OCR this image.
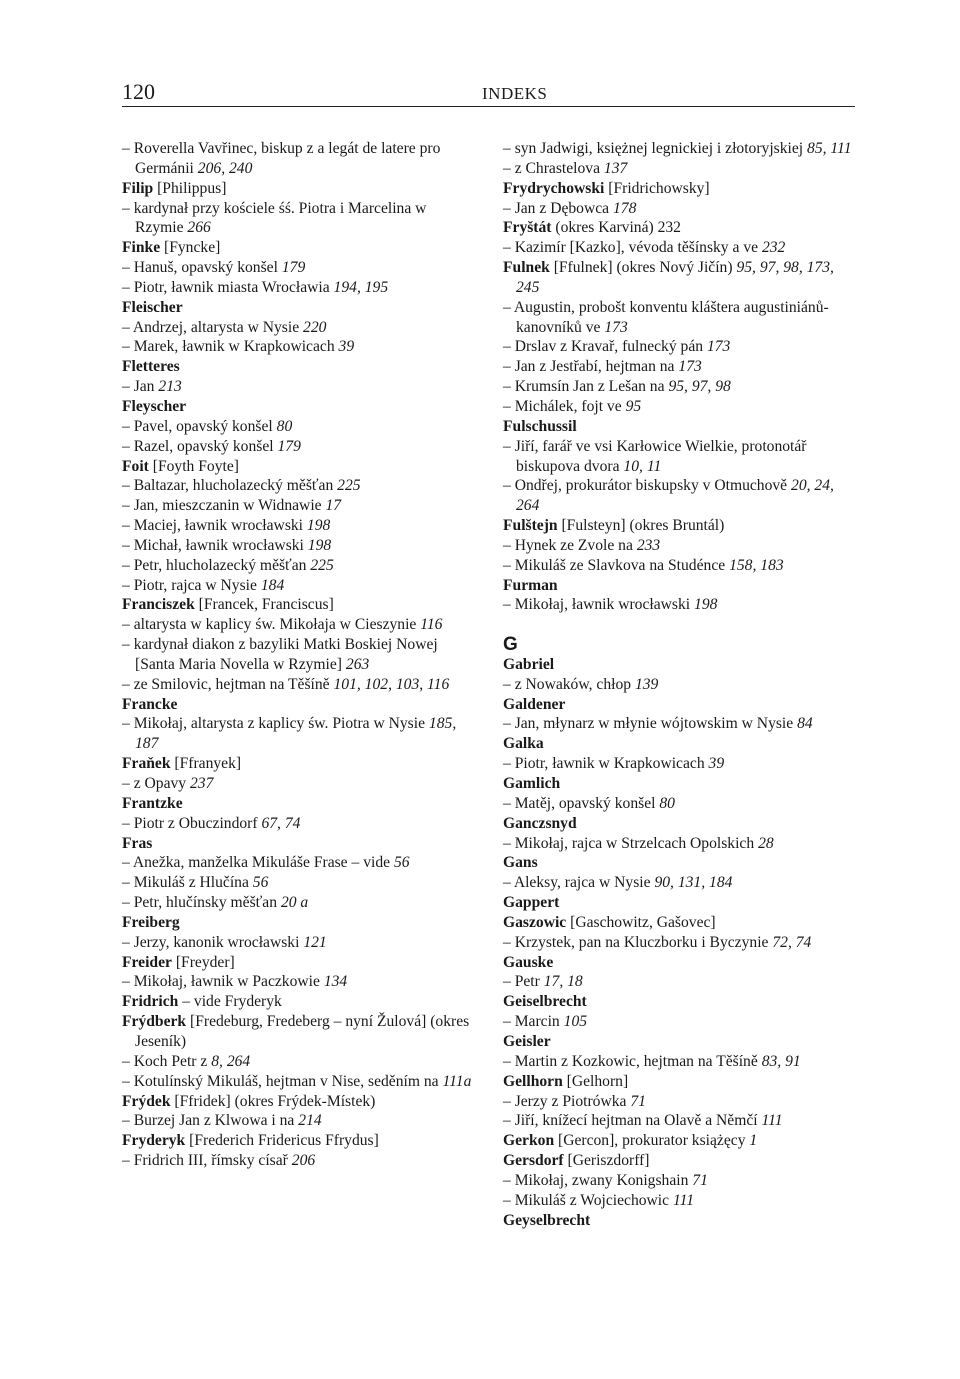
120	INDEKS
– Roverella Vavřinec, biskup z a legát de latere pro Germánii 206, 240
Filip [Philippus]
– kardynał przy kościele śś. Piotra i Marcelina w Rzymie 266
Finke [Fyncke]
– Hanuš, opavský konšel 179
– Piotr, ławnik miasta Wrocławia 194, 195
Fleischer
– Andrzej, altarysta w Nysie 220
– Marek, ławnik w Krapkowicach 39
Fletteres
– Jan 213
Fleyscher
– Pavel, opavský konšel 80
– Razel, opavský konšel 179
Foit [Foyth Foyte]
– Baltazar, hlucholazecký měšťan 225
– Jan, mieszczanin w Widnawie 17
– Maciej, ławnik wrocławski 198
– Michał, ławnik wrocławski 198
– Petr, hlucholazecký měšťan 225
– Piotr, rajca w Nysie 184
Franciszek [Francek, Franciscus]
– altarysta w kaplicy św. Mikołaja w Cieszynie 116
– kardynał diakon z bazyliki Matki Boskiej Nowej [Santa Maria Novella w Rzymie] 263
– ze Smilovic, hejtman na Těšíně 101, 102, 103, 116
Francke
– Mikołaj, altarysta z kaplicy św. Piotra w Nysie 185, 187
Fraňek [Ffranyek]
– z Opavy 237
Frantzke
– Piotr z Obuczindorf 67, 74
Fras
– Anežka, manželka Mikuláše Frase – vide 56
– Mikuláš z Hlučína 56
– Petr, hlučínsky měšťan 20 a
Freiberg
– Jerzy, kanonik wrocławski 121
Freider [Freyder]
– Mikołaj, ławnik w Paczkowie 134
Fridrich – vide Fryderyk
Frýdberk [Fredeburg, Fredeberg – nyní Žulová] (okres Jeseník)
– Koch Petr z 8, 264
– Kotulínský Mikuláš, hejtman v Nise, seděním na 111a
Frýdek [Ffridek] (okres Frýdek-Místek)
– Burzej Jan z Klwowa i na 214
Fryderyk [Frederich Fridericus Ffrydus]
– Fridrich III, římsky císař 206
– syn Jadwigi, księżnej legnickiej i złotoryjskiej 85, 111
– z Chrastelova 137
Frydrychowski [Fridrichowsky]
– Jan z Dębowca 178
Fryštát (okres Karviná) 232
– Kazimír [Kazko], vévoda těšínsky a ve 232
Fulnek [Ffulnek] (okres Nový Jičín) 95, 97, 98, 173, 245
– Augustin, probošt konventu kláštera augustiniánů-kanovníků ve 173
– Drslav z Kravař, fulnecký pán 173
– Jan z Jestřabí, hejtman na 173
– Krumsín Jan z Lešan na 95, 97, 98
– Michálek, fojt ve 95
Fulschussil
– Jiří, farář ve vsi Karłowice Wielkie, protonotář biskupova dvora 10, 11
– Ondřej, prokurátor biskupsky v Otmuchově 20, 24, 264
Fulštejn [Fulsteyn] (okres Bruntál)
– Hynek ze Zvole na 233
– Mikuláš ze Slavkova na Studénce 158, 183
Furman
– Mikołaj, ławnik wrocławski 198
G
Gabriel
– z Nowaków, chłop 139
Galdener
– Jan, młynarz w młynie wójtowskim w Nysie 84
Galka
– Piotr, ławnik w Krapkowicach 39
Gamlich
– Matěj, opavský konšel 80
Ganczsnyd
– Mikołaj, rajca w Strzelcach Opolskich 28
Gans
– Aleksy, rajca w Nysie 90, 131, 184
Gappert
Gaszowic [Gaschowitz, Gašovec]
– Krzystek, pan na Kluczborku i Byczynie 72, 74
Gauske
– Petr 17, 18
Geiselbrecht
– Marcin 105
Geisler
– Martin z Kozkowic, hejtman na Těšíně 83, 91
Gellhorn [Gelhorn]
– Jerzy z Piotrówka 71
– Jiří, knížecí hejtman na Olavě a Němčí 111
Gerkon [Gercon], prokurator książęcy 1
Gersdorf [Geriszdorff]
– Mikołaj, zwany Konigshain 71
– Mikuláš z Wojciechowic 111
Geyselbrecht
